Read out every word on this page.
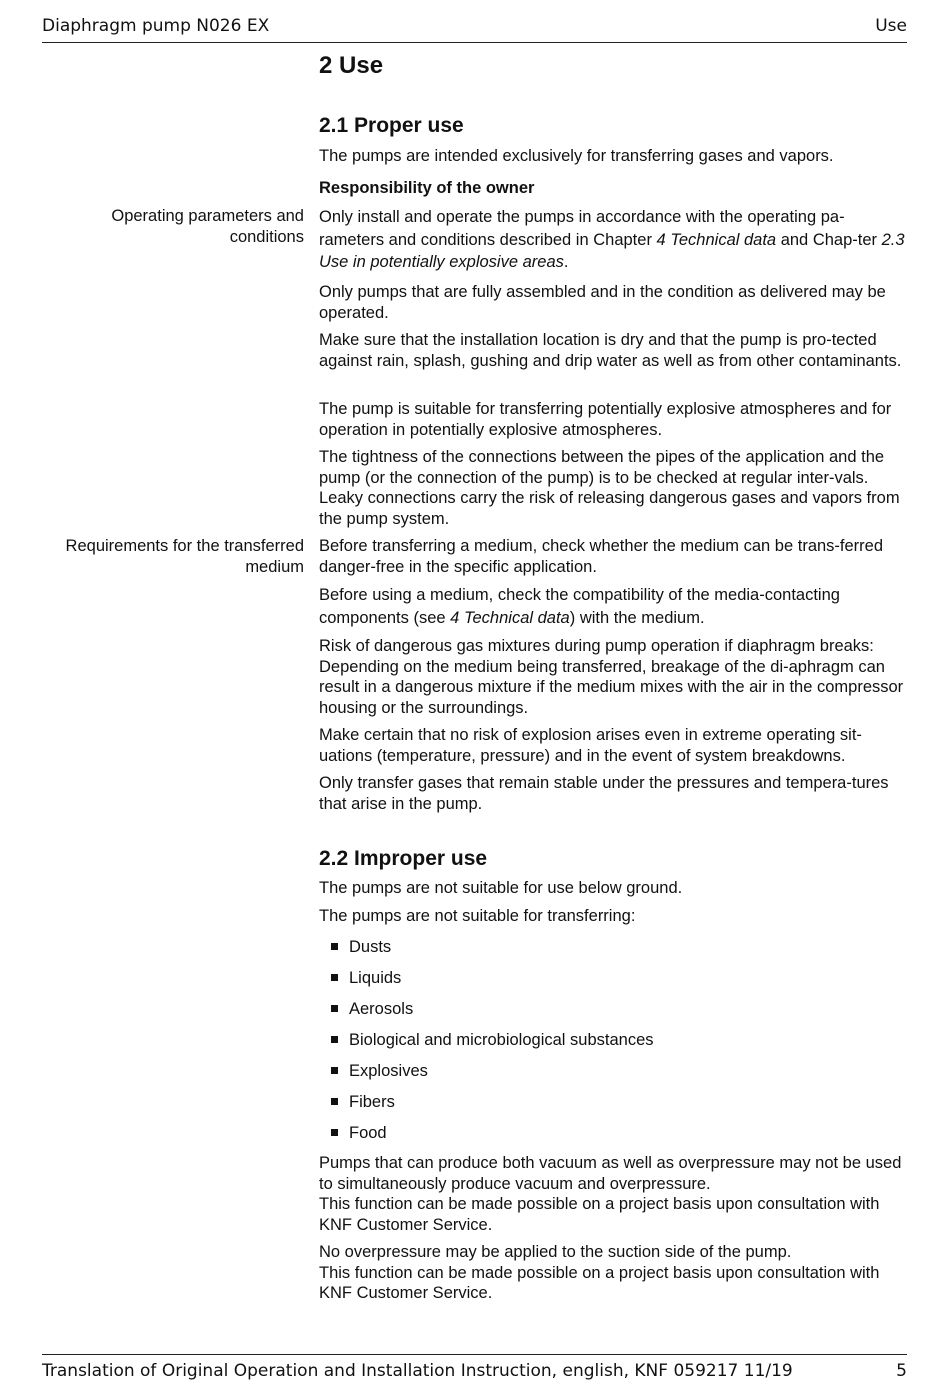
Diaphragm pump N026 EX	Use
2 Use
2.1 Proper use

The pumps are intended exclusively for transferring gases and vapors.

Responsibility of the owner
Operating parameters and conditions

Only install and operate the pumps in accordance with the operating pa-rameters and conditions described in Chapter 4 Technical data and Chap-ter 2.3 Use in potentially explosive areas.

Only pumps that are fully assembled and in the condition as delivered may be operated.

Make sure that the installation location is dry and that the pump is pro-tected against rain, splash, gushing and drip water as well as from other contaminants.

The pump is suitable for transferring potentially explosive atmospheres and for operation in potentially explosive atmospheres.

The tightness of the connections between the pipes of the application and the pump (or the connection of the pump) is to be checked at regular inter-vals. Leaky connections carry the risk of releasing dangerous gases and vapors from the pump system.

Requirements for the transferred medium

Before transferring a medium, check whether the medium can be trans-ferred danger-free in the specific application.

Before using a medium, check the compatibility of the media-contacting components (see 4 Technical data) with the medium.

Risk of dangerous gas mixtures during pump operation if diaphragm breaks: Depending on the medium being transferred, breakage of the di-aphragm can result in a dangerous mixture if the medium mixes with the air in the compressor housing or the surroundings.

Make certain that no risk of explosion arises even in extreme operating sit-uations (temperature, pressure) and in the event of system breakdowns.

Only transfer gases that remain stable under the pressures and tempera-tures that arise in the pump.

2.2 Improper use

The pumps are not suitable for use below ground.

The pumps are not suitable for transferring:

Dusts
Liquids
Aerosols
Biological and microbiological substances
Explosives
Fibers
Food

Pumps that can produce both vacuum as well as overpressure may not be used to simultaneously produce vacuum and overpressure.

This function can be made possible on a project basis upon consultation with KNF Customer Service.

No overpressure may be applied to the suction side of the pump.

This function can be made possible on a project basis upon consultation with KNF Customer Service.

Translation of Original Operation and Installation Instruction, english, KNF 059217 11/19	5
